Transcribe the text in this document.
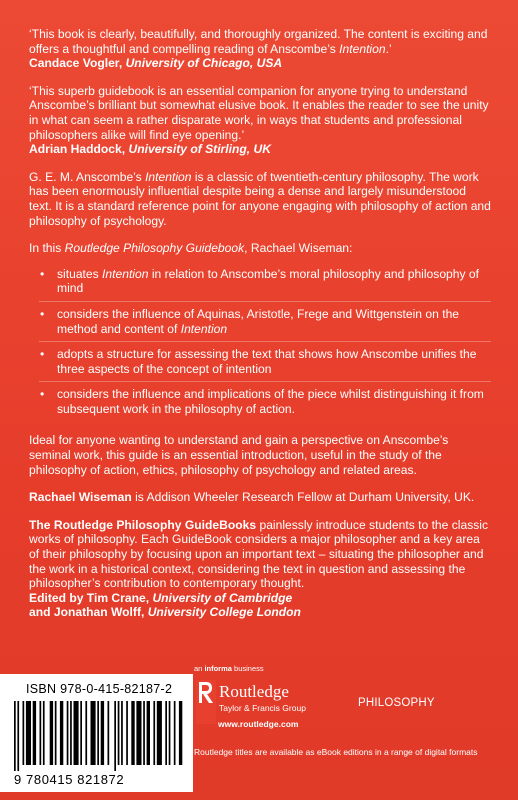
‘This book is clearly, beautifully, and thoroughly organized. The content is exciting and offers a thoughtful and compelling reading of Anscombe’s Intention.’

Candace Vogler, University of Chicago, USA

‘This superb guidebook is an essential companion for anyone trying to understand Anscombe’s brilliant but somewhat elusive book. It enables the reader to see the unity in what can seem a rather disparate work, in ways that students and professional philosophers alike will find eye opening.’

Adrian Haddock, University of Stirling, UK

G. E. M. Anscombe’s Intention is a classic of twentieth-century philosophy. The work has been enormously influential despite being a dense and largely misunderstood text. It is a standard reference point for anyone engaging with philosophy of action and philosophy of psychology.

In this Routledge Philosophy Guidebook, Rachael Wiseman:

• situates Intention in relation to Anscombe’s moral philosophy and philosophy of mind
• considers the influence of Aquinas, Aristotle, Frege and Wittgenstein on the method and content of Intention
• adopts a structure for assessing the text that shows how Anscombe unifies the three aspects of the concept of intention
• considers the influence and implications of the piece whilst distinguishing it from subsequent work in the philosophy of action.

Ideal for anyone wanting to understand and gain a perspective on Anscombe’s seminal work, this guide is an essential introduction, useful in the study of the philosophy of action, ethics, philosophy of psychology and related areas.

Rachael Wiseman is Addison Wheeler Research Fellow at Durham University, UK.

The Routledge Philosophy GuideBooks painlessly introduce students to the classic works of philosophy. Each GuideBook considers a major philosopher and a key area of their philosophy by focusing upon an important text – situating the philosopher and the work in a historical context, considering the text in question and assessing the philosopher’s contribution to contemporary thought.

Edited by Tim Crane, University of Cambridge

and Jonathan Wolff, University College London

an informa business
ISBN 978-0-415-82187-2
9 780415 821872
Routledge
Taylor & Francis Group
www.routledge.com
PHILOSOPHY
Routledge titles are available as eBook editions in a range of digital formats
